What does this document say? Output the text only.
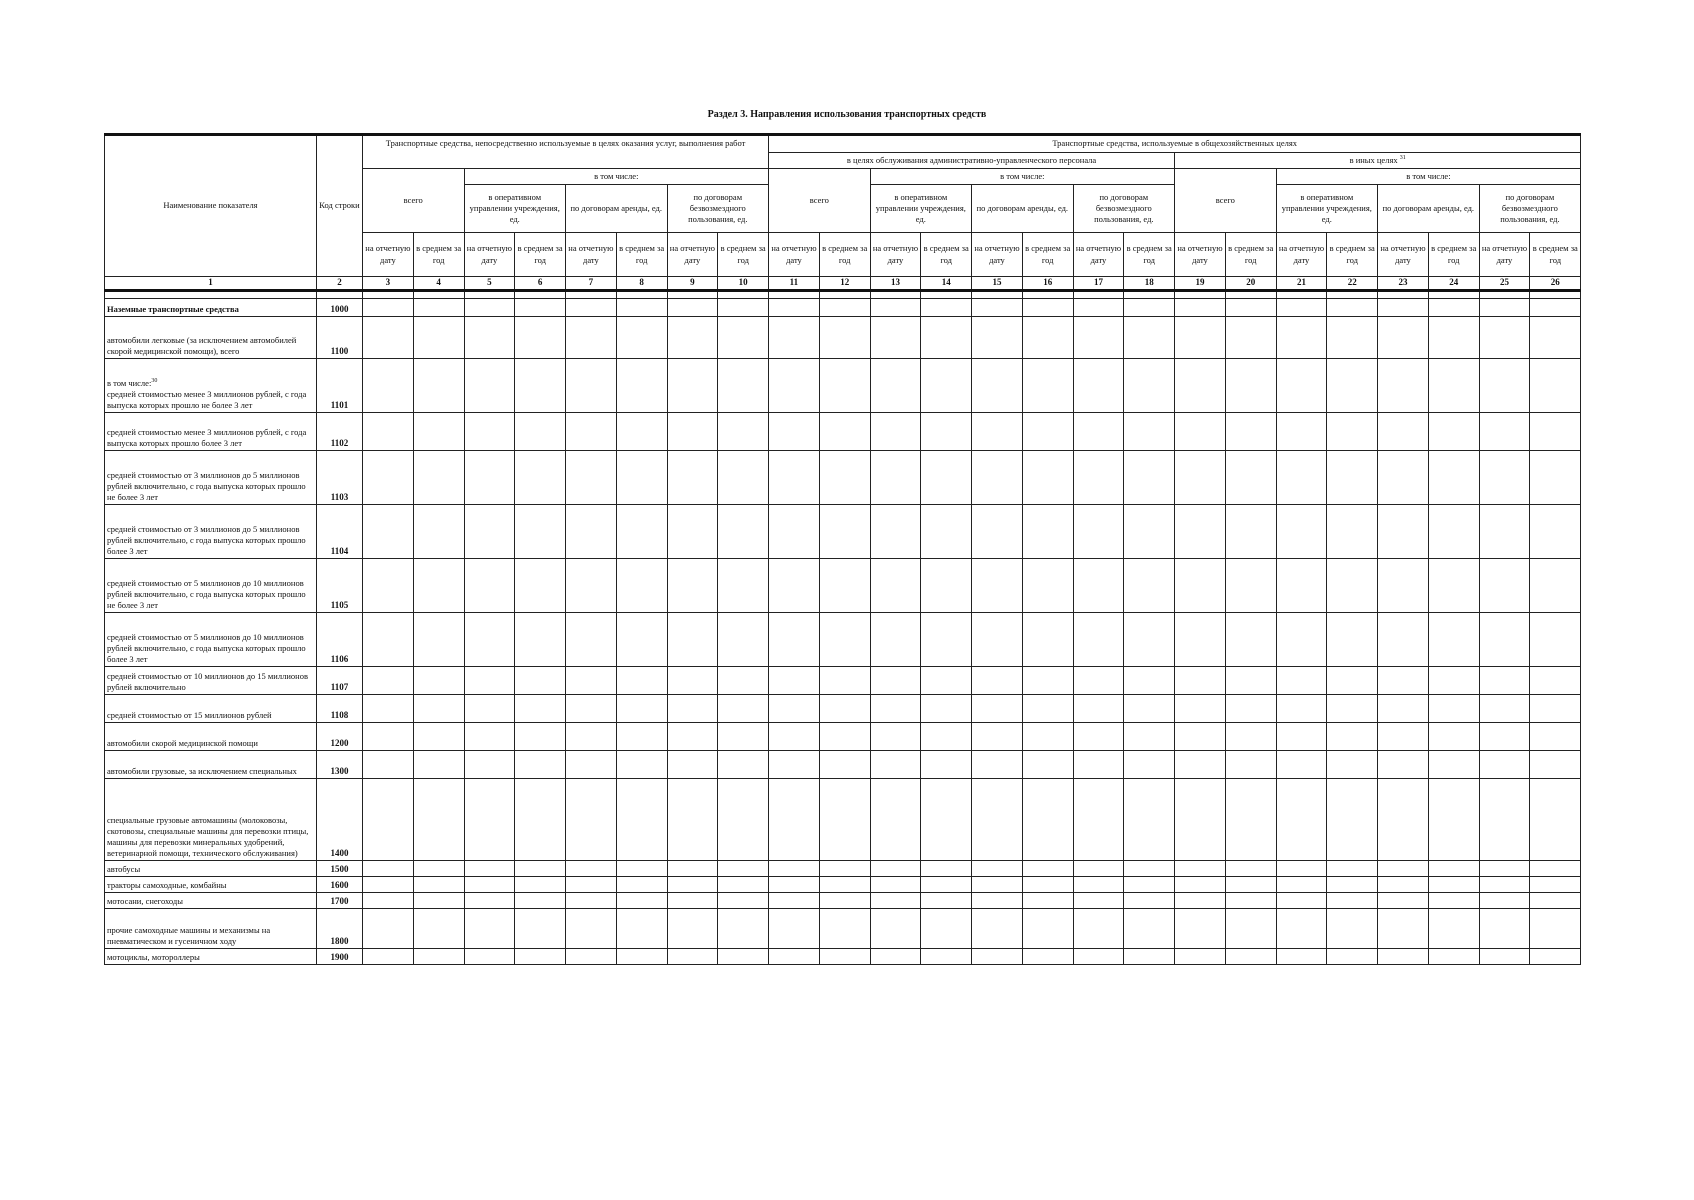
Раздел 3. Направления использования транспортных средств
Наименование показателя	Код строки	Транспортные средства, непосредственно используемые в целях оказания услуг, выполнения работ								Транспортные средства, используемые в общехозяйственных целях															
										в целях обслуживания административно-управленческого персонала								в иных целях $^{31}$
		всего		в том числе:						всего		в том числе:						всего		в том числе:					
				в оперативном управлении учреждения, ед.		по договорам аренды, ед.		по договорам безвозмездного пользования, ед.				в оперативном управлении учреждения, ед.		по договорам аренды, ед.		по договорам безвозмездного пользования, ед.				в оперативном управлении учреждения, ед.		по договорам аренды, ед.		по договорам безвозмездного пользования, ед.	
		на отчетную дату	в среднем за год	на отчетную дату	в среднем за год	на отчетную дату	в среднем за год	на отчетную дату	в среднем за год	на отчетную дату	в среднем за год	на отчетную дату	в среднем за год	на отчетную дату	в среднем за год	на отчетную дату	в среднем за год	на отчетную дату	в среднем за год	на отчетную дату	в среднем за год	на отчетную дату	в среднем за год	на отчетную дату	в среднем за год
1	2	3	4	5	6	7	8	9	10	11	12	13	14	15	16	17	18	19	20	21	22	23	24	25	26

Наземные транспортные средства	1000																								
автомобили легковые (за исключением автомобилей скорой медицинской помощи), всего	1100																								
в том числе:$^{30}$
средней стоимостью менее 3 миллионов рублей, с года выпуска которых прошло не более 3 лет	1101																								
средней стоимостью менее 3 миллионов рублей, с года выпуска которых прошло более 3 лет	1102																								
средней стоимостью от 3 миллионов до 5 миллионов рублей включительно, с года выпуска которых прошло не более 3 лет	1103																								
средней стоимостью от 3 миллионов до 5 миллионов рублей включительно, с года выпуска которых прошло более 3 лет	1104																								
средней стоимостью от 5 миллионов до 10 миллионов рублей включительно, с года выпуска которых прошло не более 3 лет	1105																								
средней стоимостью от 5 миллионов до 10 миллионов рублей включительно, с года выпуска которых прошло более 3 лет	1106																								
средней стоимостью от 10 миллионов до 15 миллионов рублей включительно	1107																								
средней стоимостью от 15 миллионов рублей	1108																								
автомобили скорой медицинской помощи	1200																								
автомобили грузовые, за исключением специальных	1300																								
специальные грузовые автомашины (молоковозы, скотовозы, специальные машины для перевозки птицы, машины для перевозки минеральных удобрений, ветеринарной помощи, технического обслуживания)	1400																								
автобусы	1500																								
тракторы самоходные, комбайны	1600																								
мотосани, снегоходы	1700																								
прочие самоходные машины и механизмы на пневматическом и гусеничном ходу	1800																								
мотоциклы, мотороллеры	1900																								
